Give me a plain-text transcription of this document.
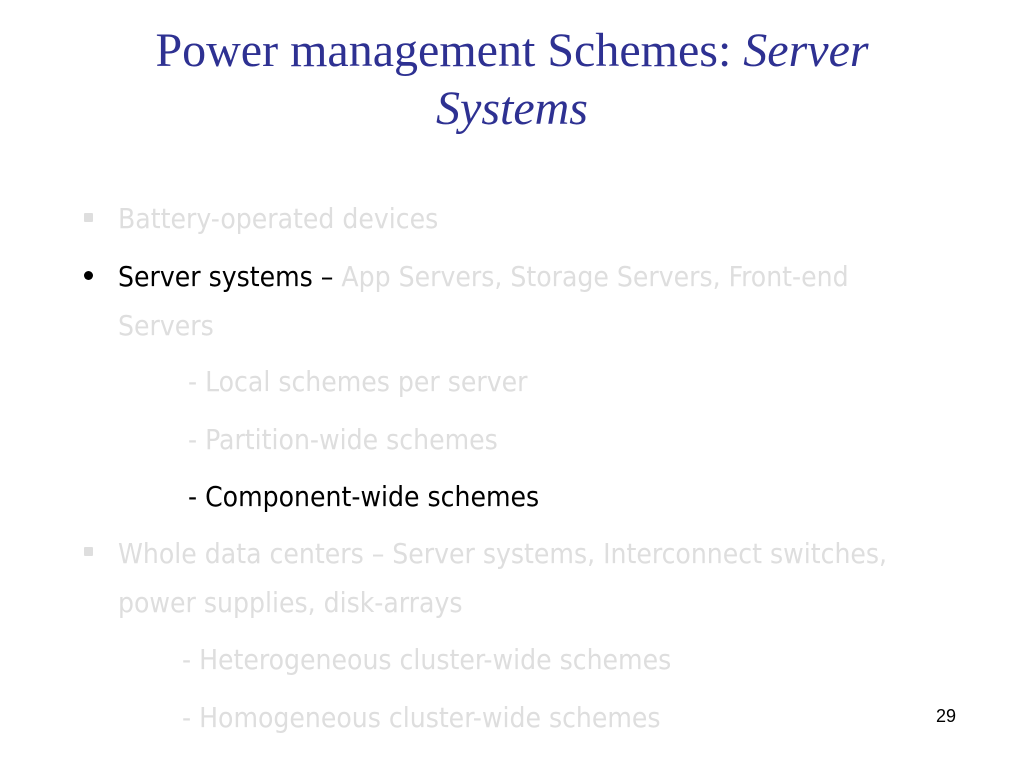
Power management Schemes: Server
Systems
Battery-operated devices
Server systems – App Servers, Storage Servers, Front-end
Servers
- Local schemes per server
- Partition-wide schemes
- Component-wide schemes
Whole data centers – Server systems, Interconnect switches,
power supplies, disk-arrays
- Heterogeneous cluster-wide schemes
- Homogeneous cluster-wide schemes	29
